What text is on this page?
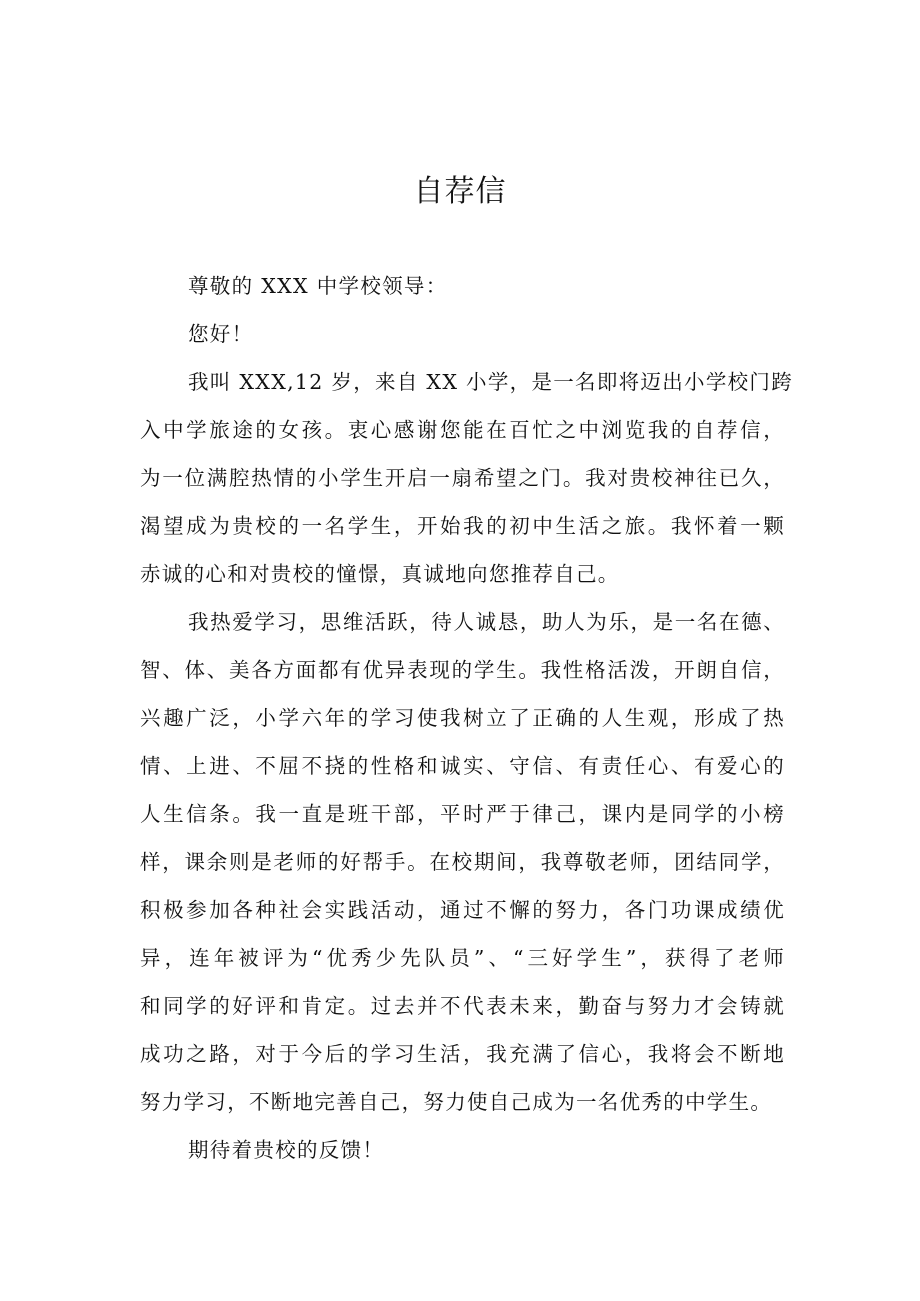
自荐信
尊敬的 XXX 中学校领导：
您好！
我叫 XXX,12 岁，来自 XX 小学，是一名即将迈出小学校门跨
入中学旅途的女孩。衷心感谢您能在百忙之中浏览我的自荐信，
为一位满腔热情的小学生开启一扇希望之门。我对贵校神往已久，
渴望成为贵校的一名学生，开始我的初中生活之旅。我怀着一颗
赤诚的心和对贵校的憧憬，真诚地向您推荐自己。
我热爱学习，思维活跃，待人诚恳，助人为乐，是一名在德、
智、体、美各方面都有优异表现的学生。我性格活泼，开朗自信，
兴趣广泛，小学六年的学习使我树立了正确的人生观，形成了热
情、上进、不屈不挠的性格和诚实、守信、有责任心、有爱心的
人生信条。我一直是班干部，平时严于律己，课内是同学的小榜
样，课余则是老师的好帮手。在校期间，我尊敬老师，团结同学，
积极参加各种社会实践活动，通过不懈的努力，各门功课成绩优
异，连年被评为“优秀少先队员”、“三好学生”，获得了老师
和同学的好评和肯定。过去并不代表未来，勤奋与努力才会铸就
成功之路，对于今后的学习生活，我充满了信心，我将会不断地
努力学习，不断地完善自己，努力使自己成为一名优秀的中学生。
期待着贵校的反馈！
